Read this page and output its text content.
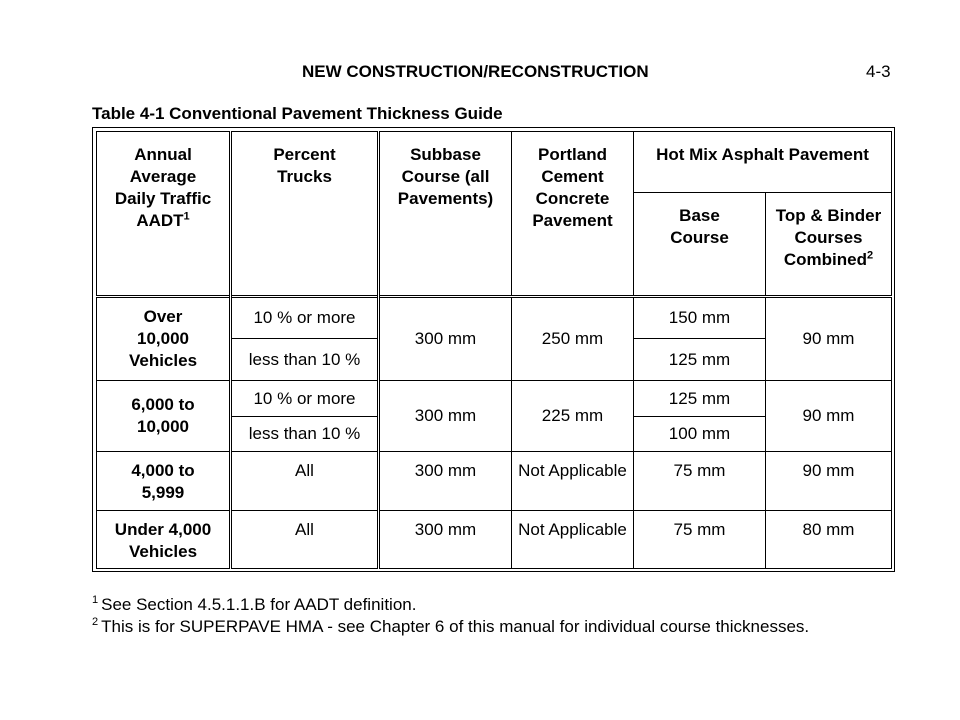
NEW CONSTRUCTION/RECONSTRUCTION	4-3
Table 4-1 Conventional Pavement Thickness Guide
Annual Average Daily Traffic AADT$^1$	Percent Trucks	Subbase Course (all Pavements)	Portland Cement Concrete Pavement	Hot Mix Asphalt Pavement	
				Base Course	Top & Binder Courses Combined$^2$
Over 10,000 Vehicles	10 % or more	300 mm	250 mm	150 mm	90 mm
	less than 10 %			125 mm	
6,000 to 10,000	10 % or more	300 mm	225 mm	125 mm	90 mm
	less than 10 %			100 mm	
4,000 to 5,999	All	300 mm	Not Applicable	75 mm	90 mm
Under 4,000 Vehicles	All	300 mm	Not Applicable	75 mm	80 mm
$^1$ See Section 4.5.1.1.B for AADT definition.
$^2$ This is for SUPERPAVE HMA - see Chapter 6 of this manual for individual course thicknesses.
